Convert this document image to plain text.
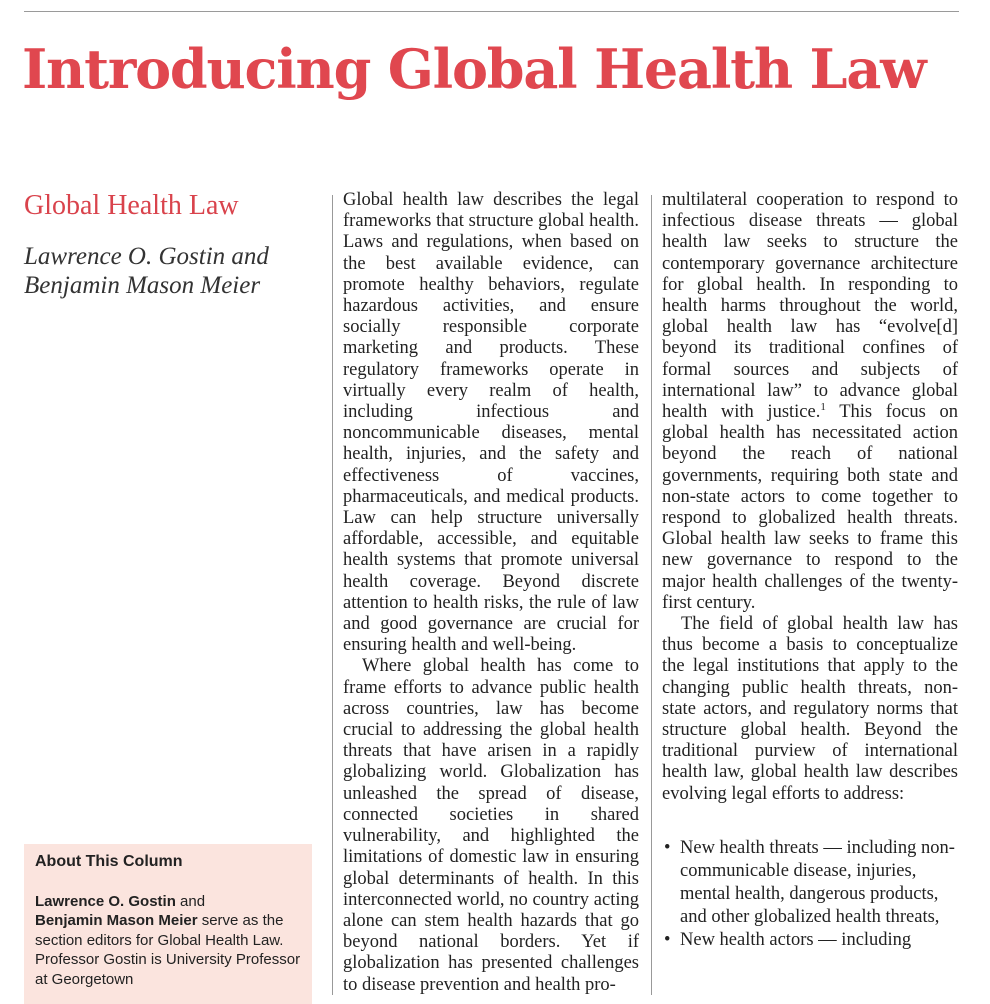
Introducing Global Health Law
Global Health Law
Lawrence O. Gostin and
Benjamin Mason Meier
About This Column
Lawrence O. Gostin and
Benjamin Mason Meier serve as the section editors for Global Health Law. Professor Gostin is University Professor at Georgetown

Global health law describes the legal frameworks that structure global health. Laws and regulations, when based on the best available evidence, can promote healthy behaviors, regulate hazardous activities, and ensure socially responsible corporate marketing and products. These regulatory frameworks operate in virtually every realm of health, including infectious and noncommunicable diseases, mental health, injuries, and the safety and effectiveness of vaccines, pharmaceuticals, and medical products. Law can help structure universally affordable, accessible, and equitable health systems that promote universal health coverage. Beyond discrete attention to health risks, the rule of law and good governance are crucial for ensuring health and well-being.

Where global health has come to frame efforts to advance public health across countries, law has become crucial to addressing the global health threats that have arisen in a rapidly globalizing world. Globalization has unleashed the spread of disease, connected societies in shared vulnerability, and highlighted the limitations of domestic law in ensuring global determinants of health. In this interconnected world, no country acting alone can stem health hazards that go beyond national borders. Yet if globalization has presented challenges to disease prevention and health pro-

multilateral cooperation to respond to infectious disease threats — global health law seeks to structure the contemporary governance architecture for global health. In responding to health harms throughout the world, global health law has “evolve[d] beyond its traditional confines of formal sources and subjects of international law” to advance global health with justice.$^1$ This focus on global health has necessitated action beyond the reach of national governments, requiring both state and non-state actors to come together to respond to globalized health threats. Global health law seeks to frame this new governance to respond to the major health challenges of the twenty-first century.

The field of global health law has thus become a basis to conceptualize the legal institutions that apply to the changing public health threats, non-state actors, and regulatory norms that structure global health. Beyond the traditional purview of international health law, global health law describes evolving legal efforts to address:

• New health threats — including non-communicable disease, injuries, mental health, dangerous products, and other globalized health threats,
• New health actors — including
